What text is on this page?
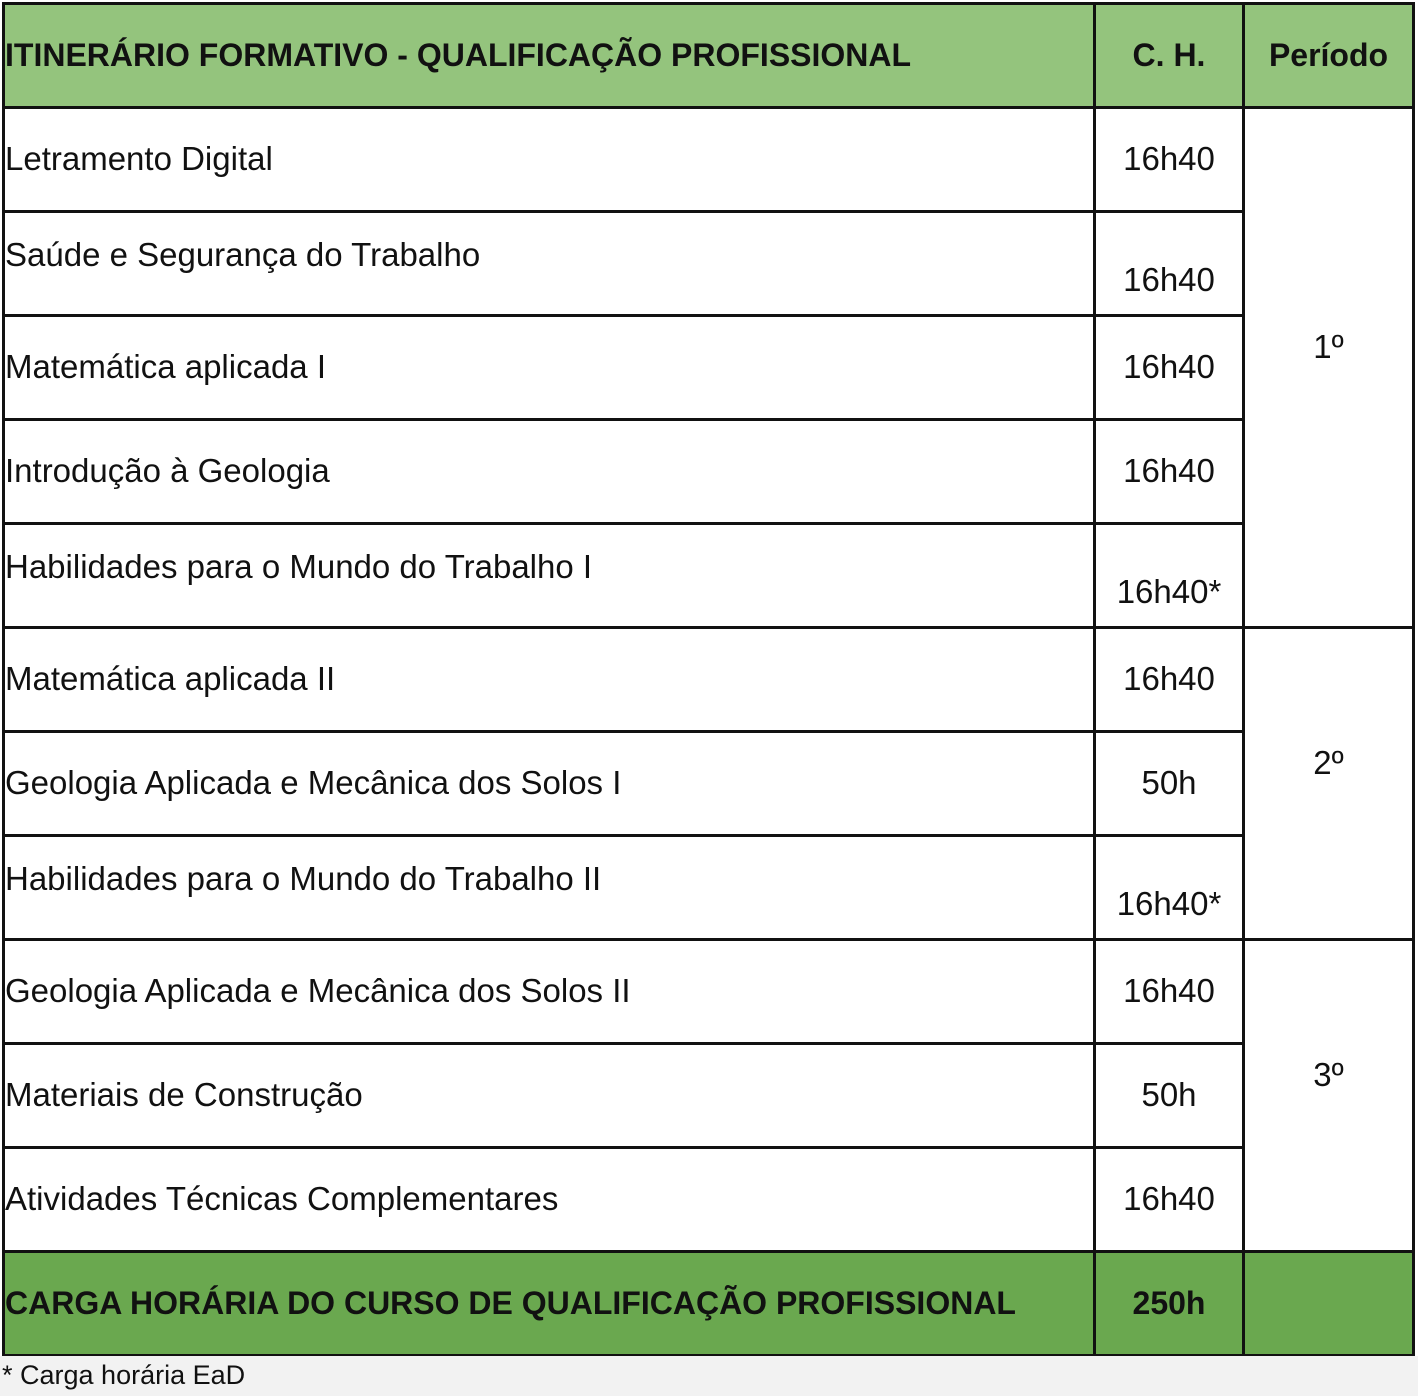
ITINERÁRIO FORMATIVO - QUALIFICAÇÃO PROFISSIONAL	C. H.	Período
Letramento Digital	16h40	1º
Saúde e Segurança do Trabalho	16h40	
Matemática aplicada I	16h40	
Introdução à Geologia	16h40	
Habilidades para o Mundo do Trabalho I	16h40*	
Matemática aplicada II	16h40	2º
Geologia Aplicada e Mecânica dos Solos I	50h	
Habilidades para o Mundo do Trabalho II	16h40*	
Geologia Aplicada e Mecânica dos Solos II	16h40	3º
Materiais de Construção	50h	
Atividades Técnicas Complementares	16h40	
CARGA HORÁRIA DO CURSO DE QUALIFICAÇÃO PROFISSIONAL	250h	
* Carga horária EaD
